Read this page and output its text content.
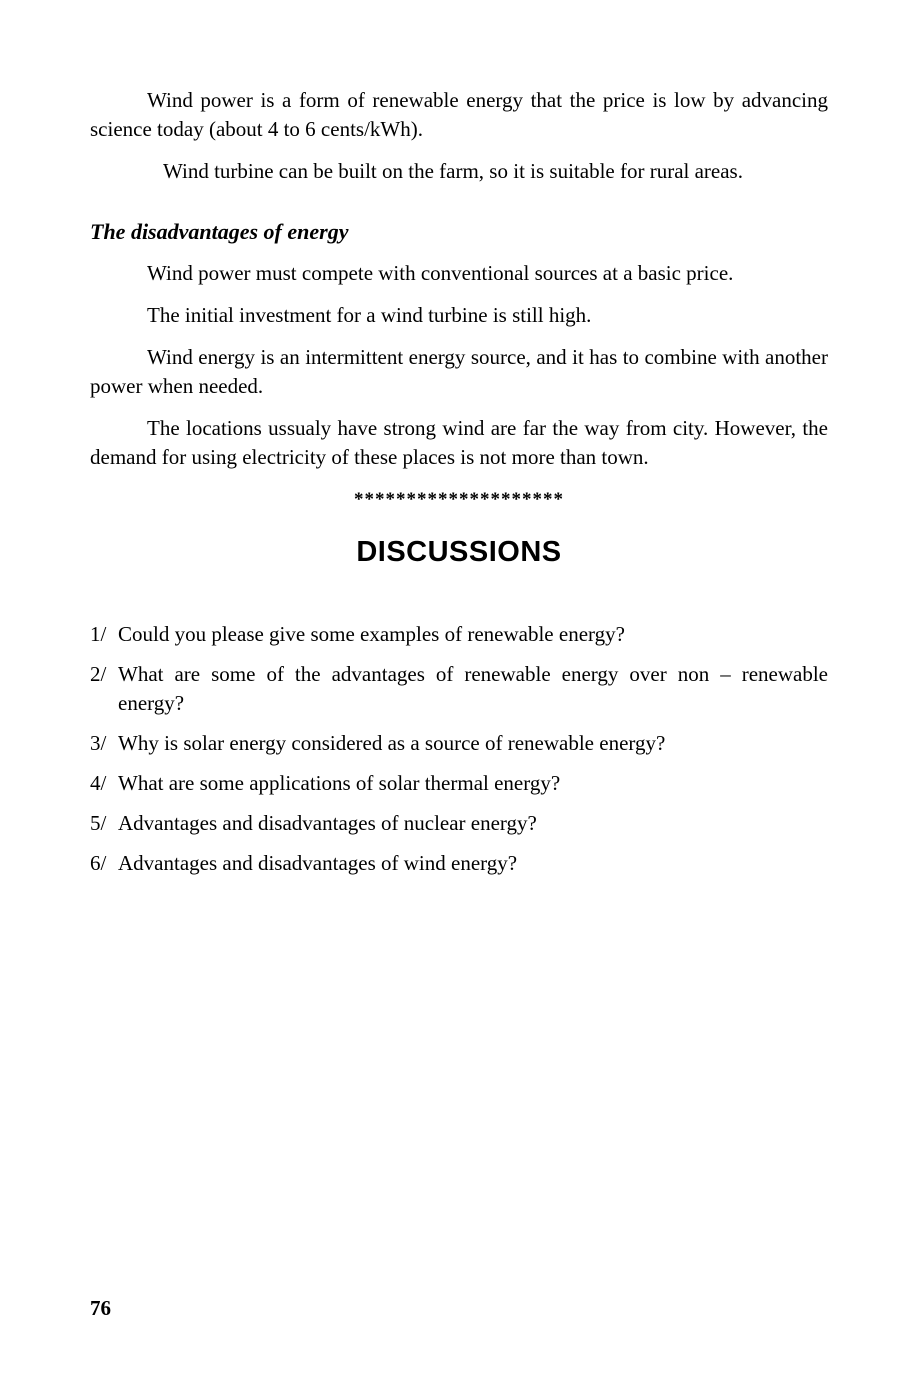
Wind power is a form of renewable energy that the price is low by advancing science today (about 4 to 6 cents/kWh).

Wind turbine can be built on the farm, so it is suitable for rural areas.

The disadvantages of energy

Wind power must compete with conventional sources at a basic price.

The initial investment for a wind turbine is still high.

Wind energy is an intermittent energy source, and it has to combine with another power when needed.

The locations ussualy have strong wind are far the way from city. However, the demand for using electricity of these places is not more than town.

********************
DISCUSSIONS
1/ Could you please give some examples of renewable energy?
2/ What are some of the advantages of renewable energy over non – renewable energy?
3/ Why is solar energy considered as a source of renewable energy?
4/ What are some applications of solar thermal energy?
5/ Advantages and disadvantages of nuclear energy?
6/ Advantages and disadvantages of wind energy?
76
